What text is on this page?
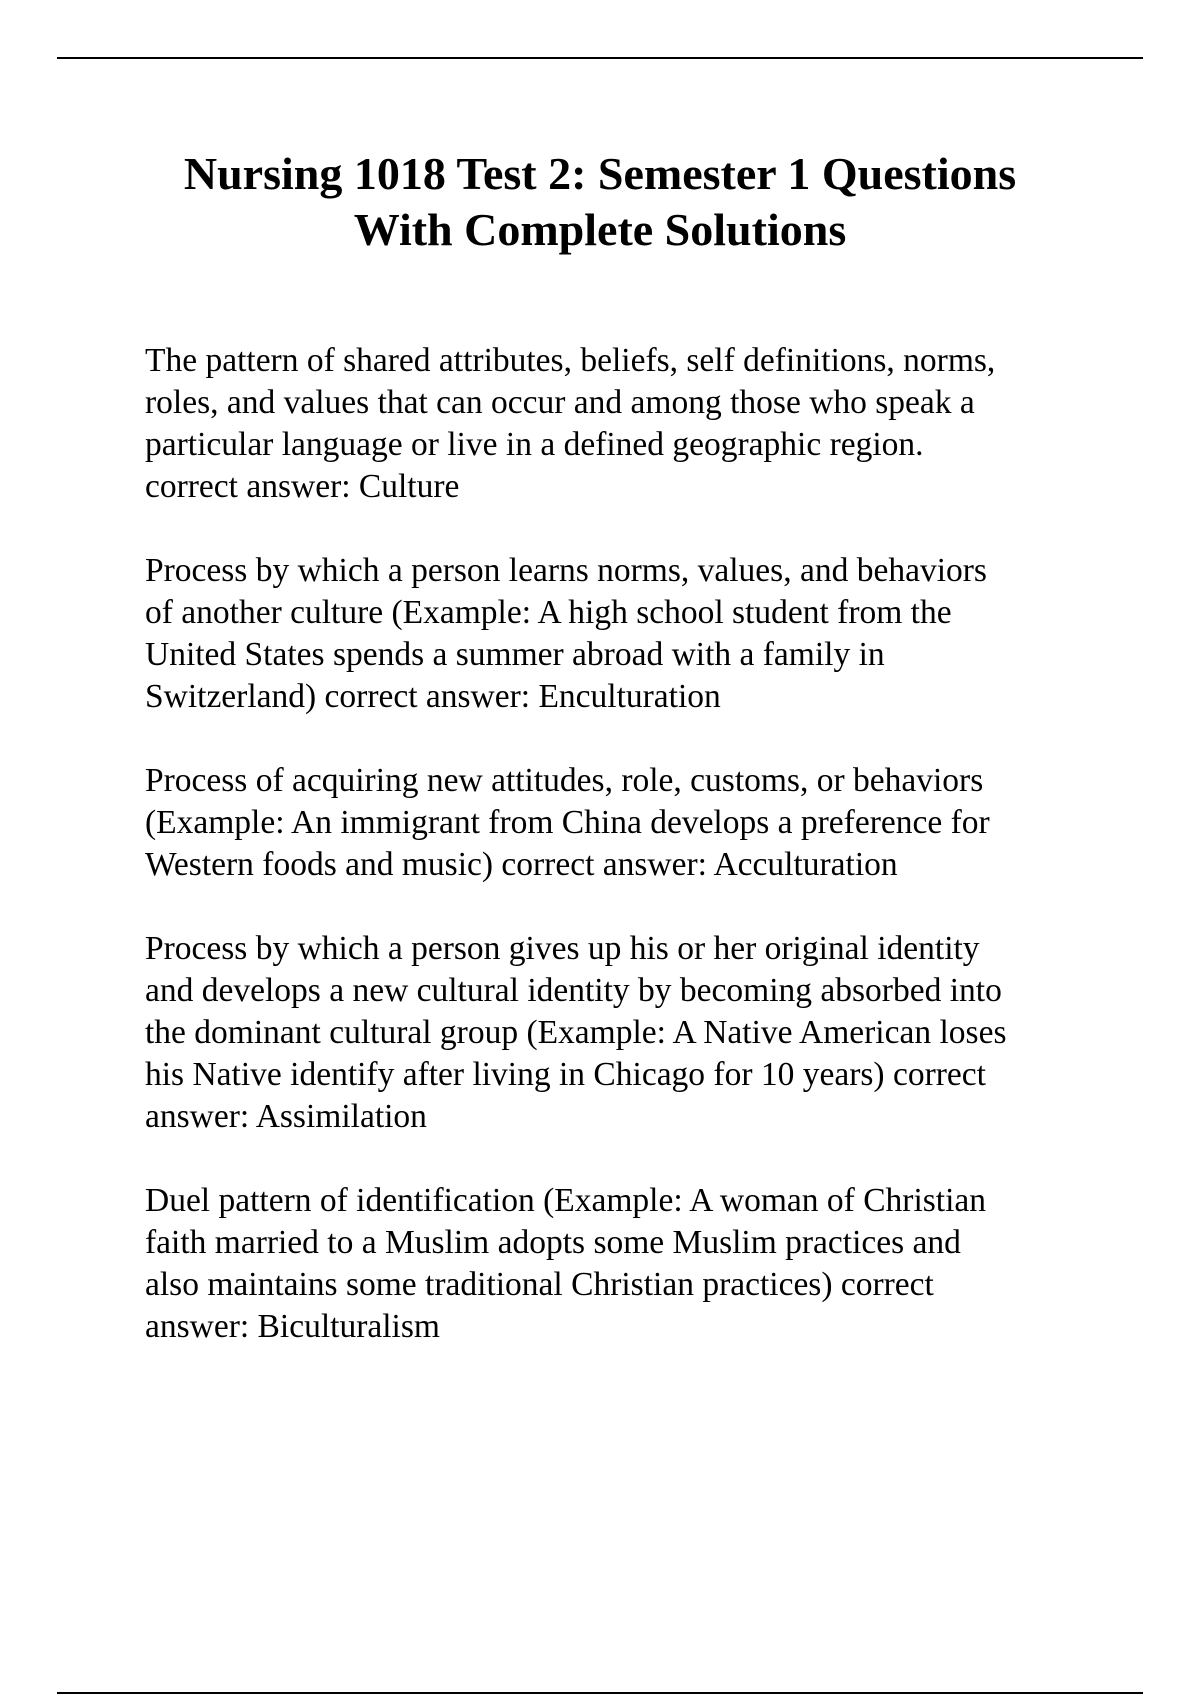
Nursing 1018 Test 2: Semester 1 Questions
With Complete Solutions

The pattern of shared attributes, beliefs, self definitions, norms,
roles, and values that can occur and among those who speak a
particular language or live in a defined geographic region.
correct answer: Culture

Process by which a person learns norms, values, and behaviors
of another culture (Example: A high school student from the
United States spends a summer abroad with a family in
Switzerland) correct answer: Enculturation

Process of acquiring new attitudes, role, customs, or behaviors
(Example: An immigrant from China develops a preference for
Western foods and music) correct answer: Acculturation

Process by which a person gives up his or her original identity
and develops a new cultural identity by becoming absorbed into
the dominant cultural group (Example: A Native American loses
his Native identify after living in Chicago for 10 years) correct
answer: Assimilation

Duel pattern of identification (Example: A woman of Christian
faith married to a Muslim adopts some Muslim practices and
also maintains some traditional Christian practices) correct
answer: Biculturalism
